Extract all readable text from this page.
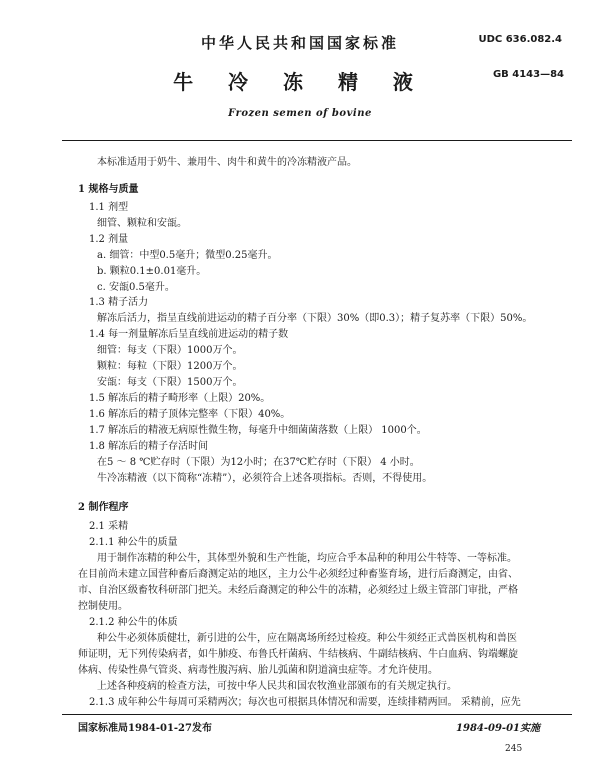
中华人民共和国国家标准	UDC 636.082.4
牛 冷 冻 精 液	GB 4143—84
Frozen semen of bovine
本标准适用于奶牛、兼用牛、肉牛和黄牛的冷冻精液产品。
1 规格与质量
1.1 剂型
细管、颗粒和安瓿。
1.2 剂量
a. 细管：中型0.5毫升；微型0.25毫升。
b. 颗粒0.1±0.01毫升。
c. 安瓿0.5毫升。
1.3 精子活力
解冻后活力，指呈直线前进运动的精子百分率（下限）30%（即0.3）；精子复苏率（下限）50%。
1.4 每一剂量解冻后呈直线前进运动的精子数
细管：每支（下限）1000万个。
颗粒：每粒（下限）1200万个。
安瓿：每支（下限）1500万个。
1.5 解冻后的精子畸形率（上限）20%。
1.6 解冻后的精子顶体完整率（下限）40%。
1.7 解冻后的精液无病原性微生物，每毫升中细菌菌落数（上限） 1000个。
1.8 解冻后的精子存活时间
在5 ～ 8 ℃贮存时（下限）为12小时；在37℃贮存时（下限） 4 小时。
牛冷冻精液（以下简称“冻精”），必须符合上述各项指标。否则，不得使用。
2 制作程序
2.1 采精
2.1.1 种公牛的质量
用于制作冻精的种公牛，其体型外貌和生产性能，均应合乎本品种的种用公牛特等、一等标准。
在目前尚未建立国营种畜后裔测定站的地区，主力公牛必须经过种畜鉴育场，进行后裔测定，由省、
市、自治区级畜牧科研部门把关。未经后裔测定的种公牛的冻精，必须经过上级主管部门审批，严格
控制使用。
2.1.2 种公牛的体质
种公牛必须体质健壮，新引进的公牛，应在隔离场所经过检疫。种公牛须经正式兽医机构和兽医
师证明，无下列传染病者，如牛肺疫、布鲁氏杆菌病、牛结核病、牛副结核病、牛白血病、钩端螺旋
体病、传染性鼻气管炎、病毒性腹泻病、胎儿弧菌和阴道滴虫症等。才允许使用。
上述各种疫病的检查方法，可按中华人民共和国农牧渔业部颁布的有关规定执行。
2.1.3 成年种公牛每周可采精两次；每次也可根据具体情况和需要，连续排精两回。 采精前，应先
国家标准局1984-01-27发布	1984-09-01实施
245
